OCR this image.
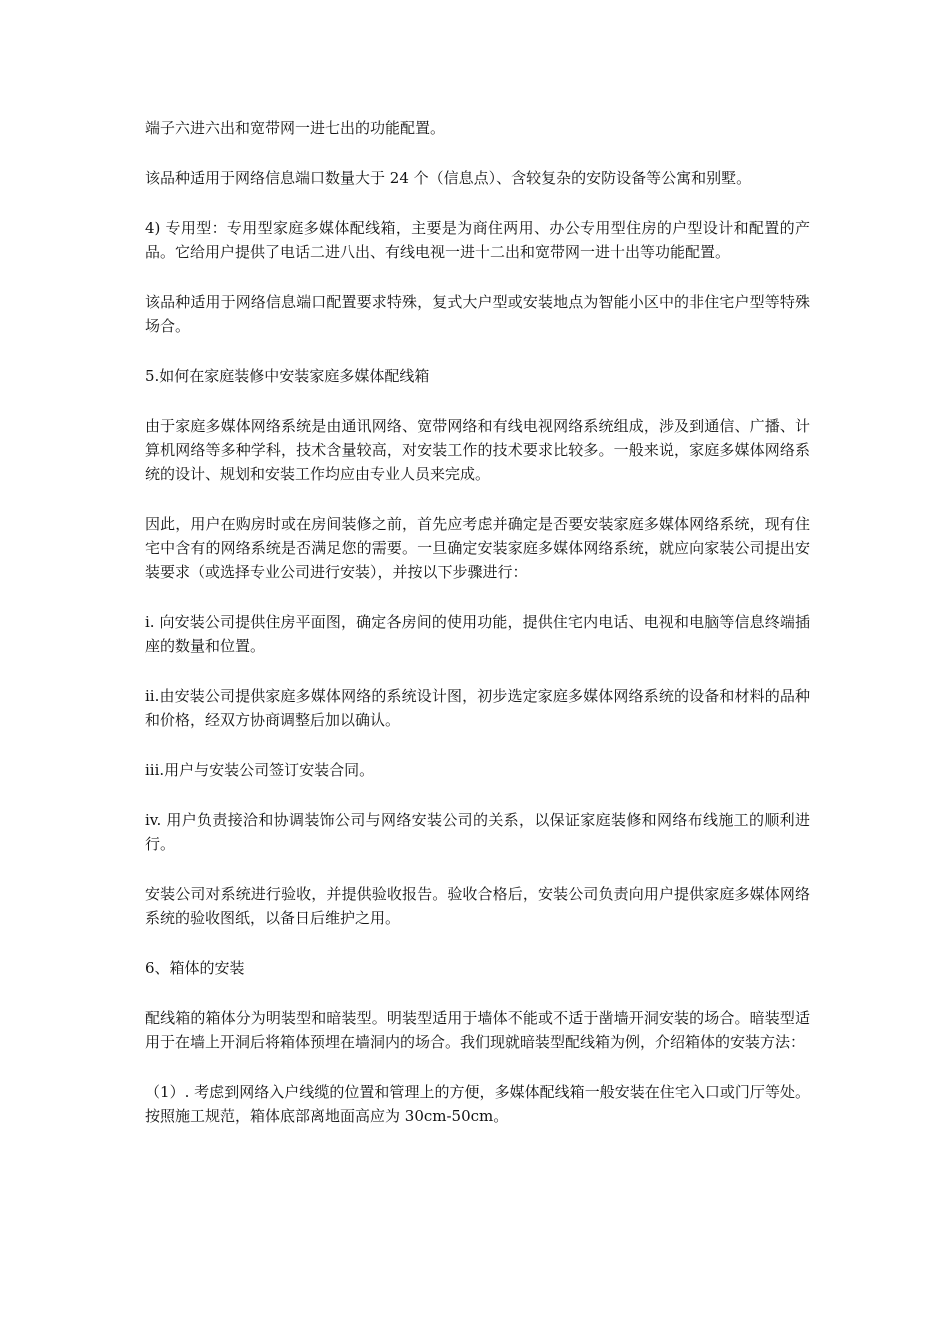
端子六进六出和宽带网一进七出的功能配置。

该品种适用于网络信息端口数量大于 24 个（信息点）、含较复杂的安防设备等公寓和别墅。

4) 专用型：专用型家庭多媒体配线箱，主要是为商住两用、办公专用型住房的户型设计和配置的产品。它给用户提供了电话二进八出、有线电视一进十二出和宽带网一进十出等功能配置。

该品种适用于网络信息端口配置要求特殊，复式大户型或安装地点为智能小区中的非住宅户型等特殊场合。

5.如何在家庭装修中安装家庭多媒体配线箱

由于家庭多媒体网络系统是由通讯网络、宽带网络和有线电视网络系统组成，涉及到通信、广播、计算机网络等多种学科，技术含量较高，对安装工作的技术要求比较多。一般来说，家庭多媒体网络系统的设计、规划和安装工作均应由专业人员来完成。

因此，用户在购房时或在房间装修之前，首先应考虑并确定是否要安装家庭多媒体网络系统，现有住宅中含有的网络系统是否满足您的需要。一旦确定安装家庭多媒体网络系统，就应向家装公司提出安装要求（或选择专业公司进行安装），并按以下步骤进行：

i. 向安装公司提供住房平面图，确定各房间的使用功能，提供住宅内电话、电视和电脑等信息终端插座的数量和位置。

ii.由安装公司提供家庭多媒体网络的系统设计图，初步选定家庭多媒体网络系统的设备和材料的品种和价格，经双方协商调整后加以确认。

iii.用户与安装公司签订安装合同。

iv. 用户负责接洽和协调装饰公司与网络安装公司的关系，以保证家庭装修和网络布线施工的顺利进行。

安装公司对系统进行验收，并提供验收报告。验收合格后，安装公司负责向用户提供家庭多媒体网络系统的验收图纸，以备日后维护之用。

6、箱体的安装

配线箱的箱体分为明装型和暗装型。明装型适用于墙体不能或不适于凿墙开洞安装的场合。暗装型适用于在墙上开洞后将箱体预埋在墙洞内的场合。我们现就暗装型配线箱为例，介绍箱体的安装方法：

（1）. 考虑到网络入户线缆的位置和管理上的方便，多媒体配线箱一般安装在住宅入口或门厅等处。按照施工规范，箱体底部离地面高应为 30cm-50cm。
